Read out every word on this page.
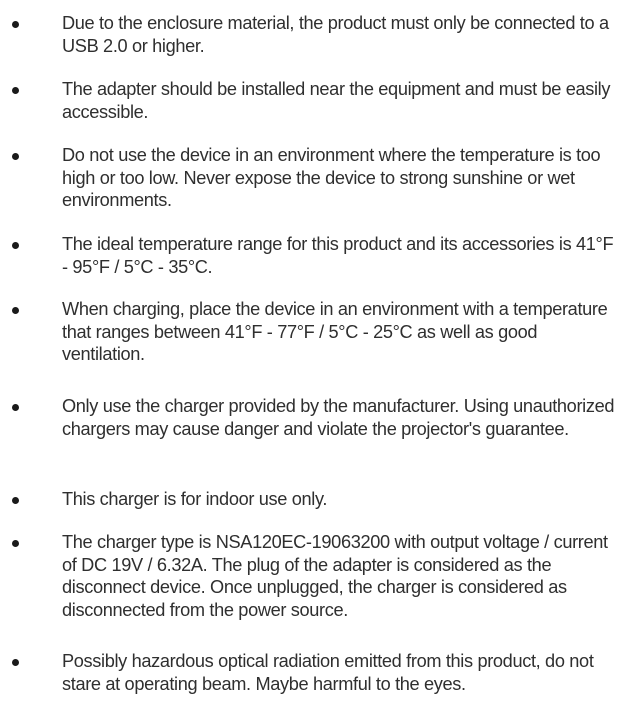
Due to the enclosure material, the product must only be connected to a USB 2.0 or higher.
The adapter should be installed near the equipment and must be easily accessible.
Do not use the device in an environment where the temperature is too high or too low. Never expose the device to strong sunshine or wet environments.
The ideal temperature range for this product and its accessories is 41°F - 95°F / 5°C - 35°C.
When charging, place the device in an environment with a temperature that ranges between 41°F - 77°F / 5°C - 25°C as well as good ventilation.
Only use the charger provided by the manufacturer. Using unauthorized chargers may cause danger and violate the projector's guarantee.
This charger is for indoor use only.
The charger type is NSA120EC-19063200 with output voltage / current of DC 19V / 6.32A. The plug of the adapter is considered as the disconnect device. Once unplugged, the charger is considered as disconnected from the power source.
Possibly hazardous optical radiation emitted from this product, do not stare at operating beam. Maybe harmful to the eyes.
